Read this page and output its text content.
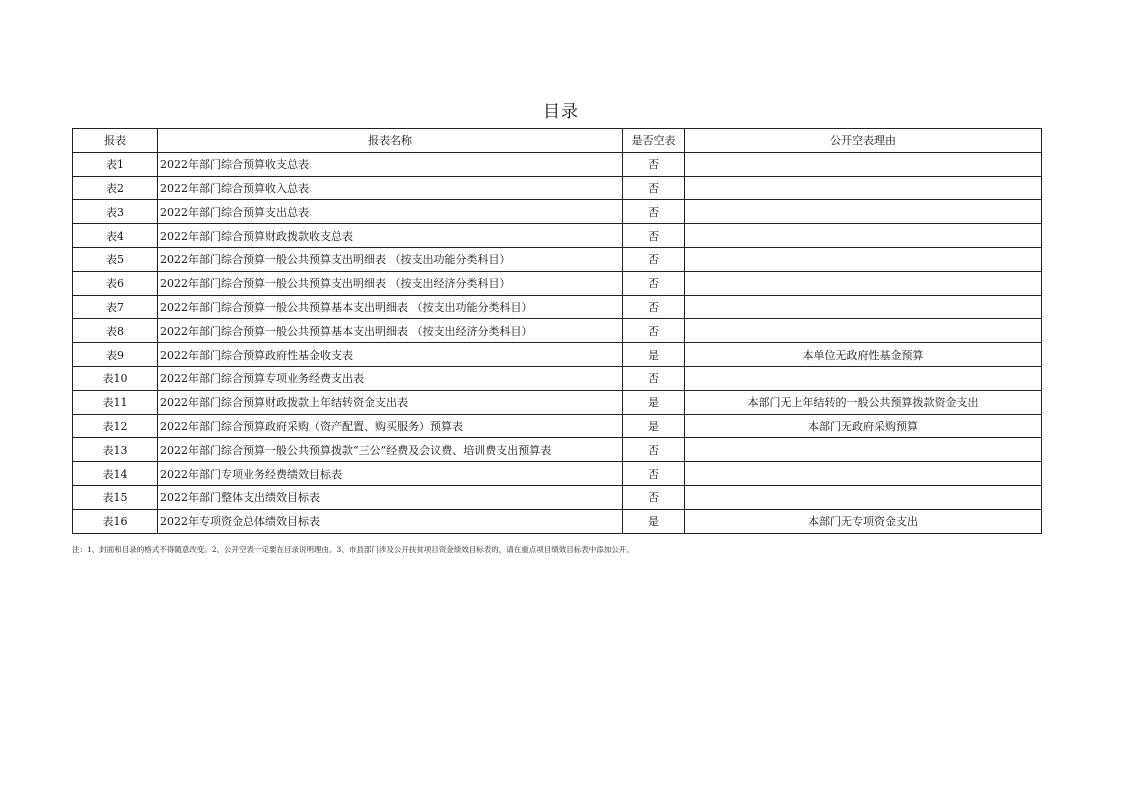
目录
报表	报表名称	是否空表	公开空表理由
表1	2022年部门综合预算收支总表	否	
表2	2022年部门综合预算收入总表	否	
表3	2022年部门综合预算支出总表	否	
表4	2022年部门综合预算财政拨款收支总表	否	
表5	2022年部门综合预算一般公共预算支出明细表 （按支出功能分类科目）	否	
表6	2022年部门综合预算一般公共预算支出明细表 （按支出经济分类科目）	否	
表7	2022年部门综合预算一般公共预算基本支出明细表 （按支出功能分类科目）	否	
表8	2022年部门综合预算一般公共预算基本支出明细表 （按支出经济分类科目）	否	
表9	2022年部门综合预算政府性基金收支表	是	本单位无政府性基金预算
表10	2022年部门综合预算专项业务经费支出表	否	
表11	2022年部门综合预算财政拨款上年结转资金支出表	是	本部门无上年结转的一般公共预算拨款资金支出
表12	2022年部门综合预算政府采购（资产配置、购买服务）预算表	是	本部门无政府采购预算
表13	2022年部门综合预算一般公共预算拨款“三公”经费及会议费、培训费支出预算表	否	
表14	2022年部门专项业务经费绩效目标表	否	
表15	2022年部门整体支出绩效目标表	否	
表16	2022年专项资金总体绩效目标表	是	本部门无专项资金支出
注：1、封面和目录的格式不得随意改变。2、公开空表一定要在目录说明理由。3、市县部门涉及公开扶贫项目资金绩效目标表的，请在重点项目绩效目标表中添加公开。
